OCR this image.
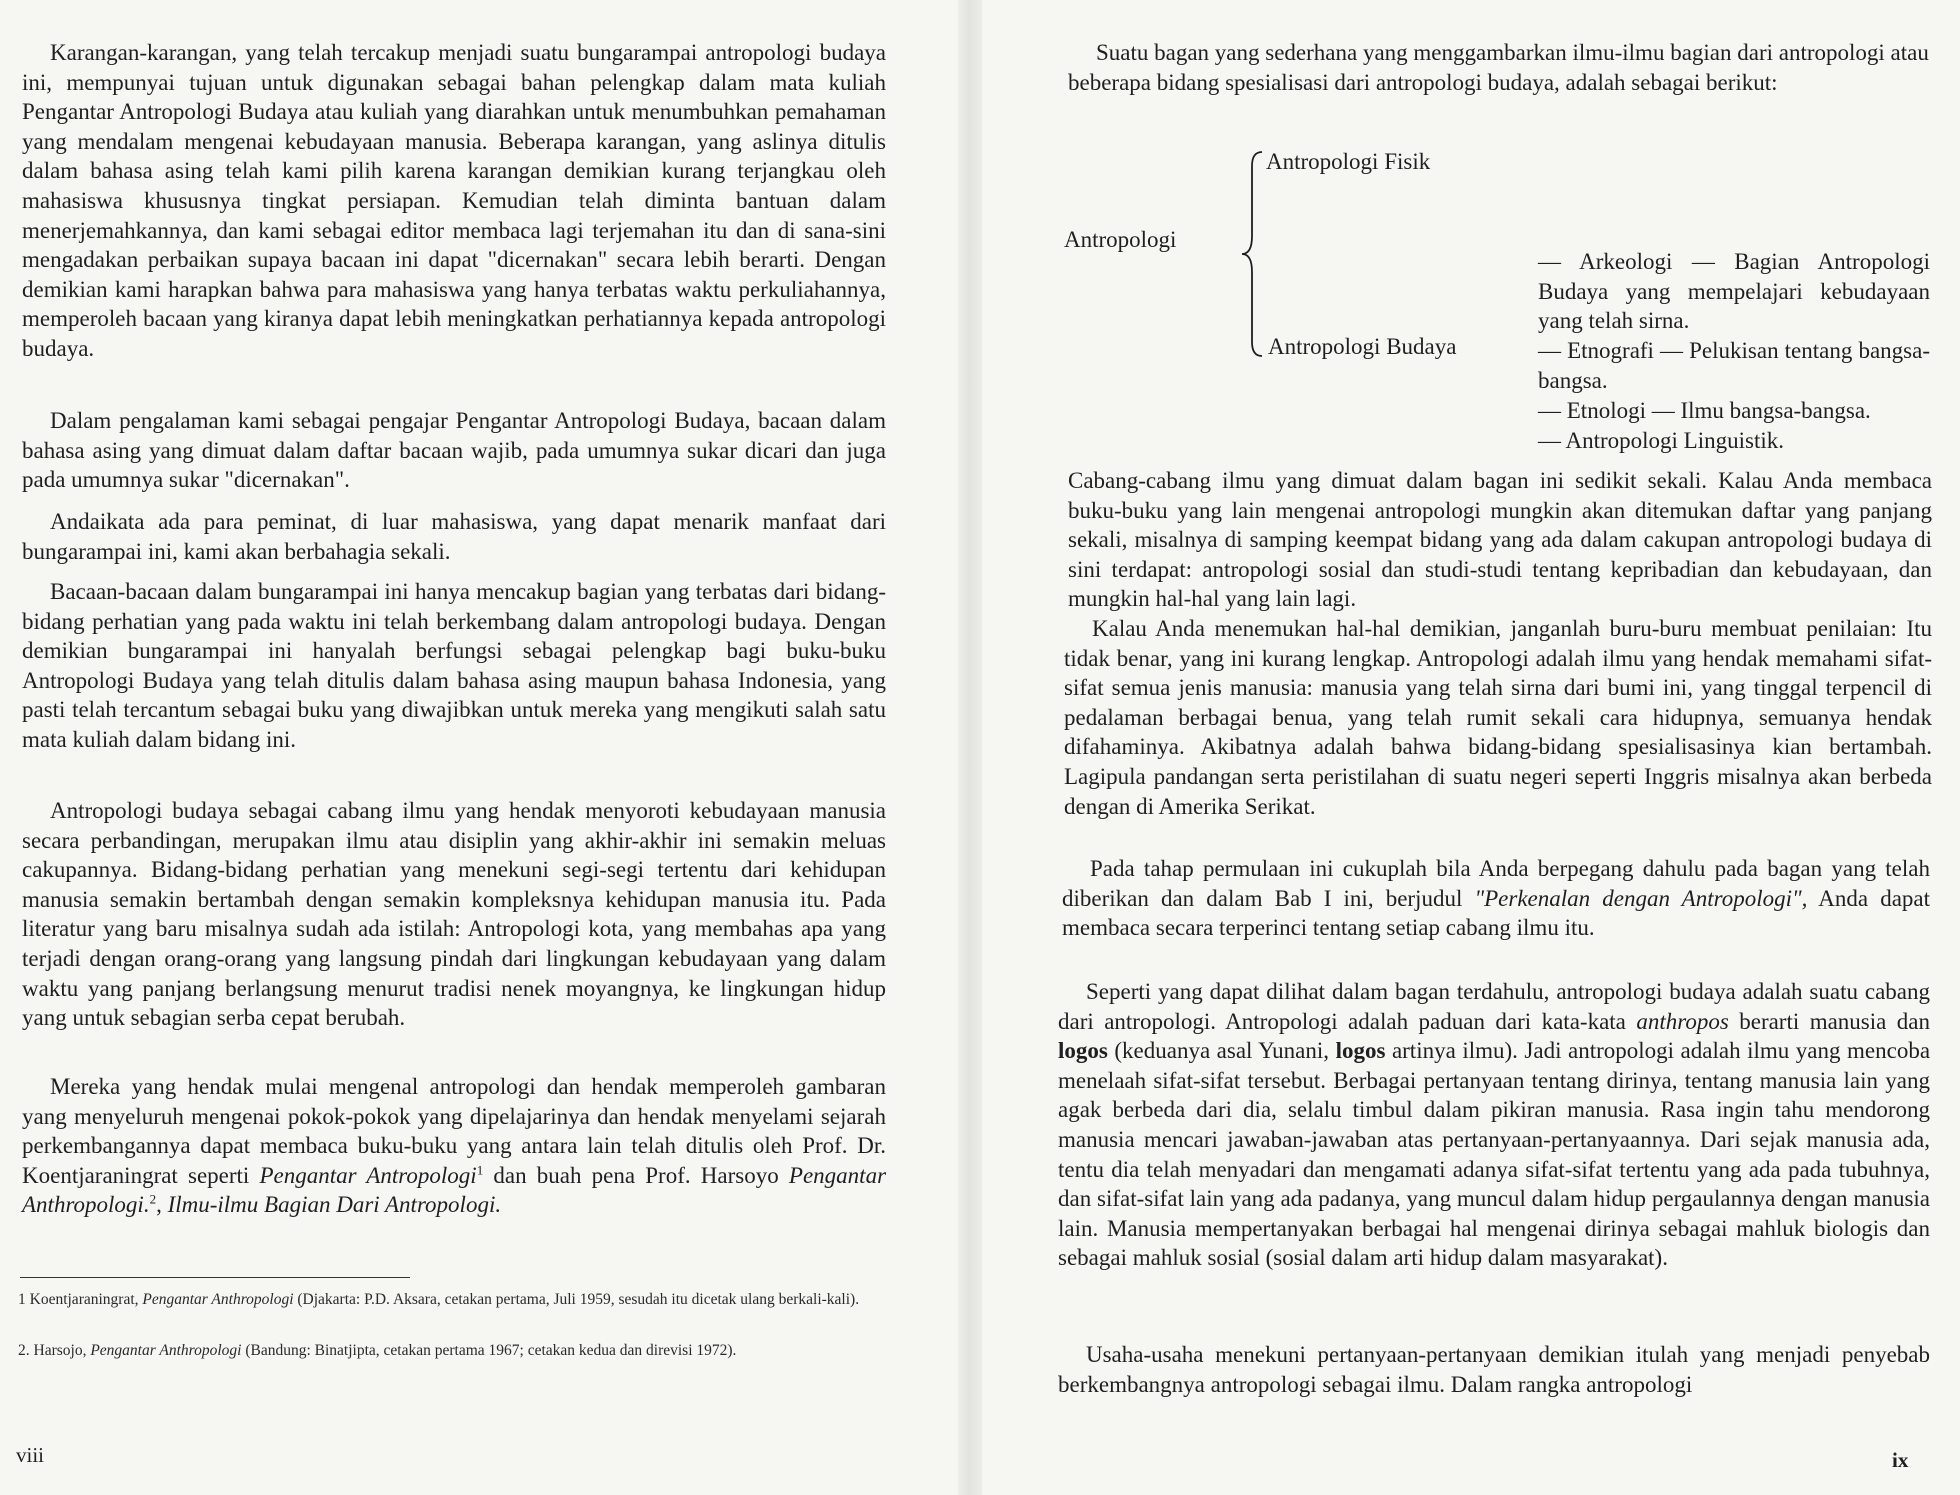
Karangan-karangan, yang telah tercakup menjadi suatu bungarampai antropologi budaya ini, mempunyai tujuan untuk digunakan sebagai bahan pelengkap dalam mata kuliah Pengantar Antropologi Budaya atau kuliah yang diarahkan untuk menumbuhkan pemahaman yang mendalam mengenai kebudayaan manusia. Beberapa karangan, yang aslinya ditulis dalam bahasa asing telah kami pilih karena karangan demikian kurang terjangkau oleh mahasiswa khususnya tingkat persiapan. Kemudian telah diminta bantuan dalam menerjemahkannya, dan kami sebagai editor membaca lagi terjemahan itu dan di sana-sini mengadakan perbaikan supaya bacaan ini dapat "dicernakan" secara lebih berarti. Dengan demikian kami harapkan bahwa para mahasiswa yang hanya terbatas waktu perkuliahannya, memperoleh bacaan yang kiranya dapat lebih meningkatkan perhatiannya kepada antropologi budaya.

Dalam pengalaman kami sebagai pengajar Pengantar Antropologi Budaya, bacaan dalam bahasa asing yang dimuat dalam daftar bacaan wajib, pada umumnya sukar dicari dan juga pada umumnya sukar "dicernakan".

Andaikata ada para peminat, di luar mahasiswa, yang dapat menarik manfaat dari bungarampai ini, kami akan berbahagia sekali.

Bacaan-bacaan dalam bungarampai ini hanya mencakup bagian yang terbatas dari bidang-bidang perhatian yang pada waktu ini telah berkembang dalam antropologi budaya. Dengan demikian bungarampai ini hanyalah berfungsi sebagai pelengkap bagi buku-buku Antropologi Budaya yang telah ditulis dalam bahasa asing maupun bahasa Indonesia, yang pasti telah tercantum sebagai buku yang diwajibkan untuk mereka yang mengikuti salah satu mata kuliah dalam bidang ini.

Antropologi budaya sebagai cabang ilmu yang hendak menyoroti kebudayaan manusia secara perbandingan, merupakan ilmu atau disiplin yang akhir-akhir ini semakin meluas cakupannya. Bidang-bidang perhatian yang menekuni segi-segi tertentu dari kehidupan manusia semakin bertambah dengan semakin kompleksnya kehidupan manusia itu. Pada literatur yang baru misalnya sudah ada istilah: Antropologi kota, yang membahas apa yang terjadi dengan orang-orang yang langsung pindah dari lingkungan kebudayaan yang dalam waktu yang panjang berlangsung menurut tradisi nenek moyangnya, ke lingkungan hidup yang untuk sebagian serba cepat berubah.

Mereka yang hendak mulai mengenal antropologi dan hendak memperoleh gambaran yang menyeluruh mengenai pokok-pokok yang dipelajarinya dan hendak menyelami sejarah perkembangannya dapat membaca buku-buku yang antara lain telah ditulis oleh Prof. Dr. Koentjaraningrat seperti Pengantar Antropologi$^1$ dan buah pena Prof. Harsoyo Pengantar Anthropologi.$^2$, Ilmu-ilmu Bagian Dari Antropologi.

1 Koentjaraningrat, Pengantar Anthropologi (Djakarta: P.D. Aksara, cetakan pertama, Juli 1959, sesudah itu dicetak ulang berkali-kali).

2. Harsojo, Pengantar Anthropologi (Bandung: Binatjipta, cetakan pertama 1967; cetakan kedua dan direvisi 1972).

viii

Suatu bagan yang sederhana yang menggambarkan ilmu-ilmu bagian dari antropologi atau beberapa bidang spesialisasi dari antropologi budaya, adalah sebagai berikut:

Antropologi
Antropologi Fisik
Antropologi Budaya
— Arkeologi — Bagian Antropologi Budaya yang mempelajari kebudayaan yang telah sirna.
— Etnografi — Pelukisan tentang bangsa-bangsa.
— Etnologi — Ilmu bangsa-bangsa.
— Antropologi Linguistik.

Cabang-cabang ilmu yang dimuat dalam bagan ini sedikit sekali. Kalau Anda membaca buku-buku yang lain mengenai antropologi mungkin akan ditemukan daftar yang panjang sekali, misalnya di samping keempat bidang yang ada dalam cakupan antropologi budaya di sini terdapat: antropologi sosial dan studi-studi tentang kepribadian dan kebudayaan, dan mungkin hal-hal yang lain lagi.

Kalau Anda menemukan hal-hal demikian, janganlah buru-buru membuat penilaian: Itu tidak benar, yang ini kurang lengkap. Antropologi adalah ilmu yang hendak memahami sifat-sifat semua jenis manusia: manusia yang telah sirna dari bumi ini, yang tinggal terpencil di pedalaman berbagai benua, yang telah rumit sekali cara hidupnya, semuanya hendak difahaminya. Akibatnya adalah bahwa bidang-bidang spesialisasinya kian bertambah. Lagipula pandangan serta peristilahan di suatu negeri seperti Inggris misalnya akan berbeda dengan di Amerika Serikat.

Pada tahap permulaan ini cukuplah bila Anda berpegang dahulu pada bagan yang telah diberikan dan dalam Bab I ini, berjudul "Perkenalan dengan Antropologi", Anda dapat membaca secara terperinci tentang setiap cabang ilmu itu.

Seperti yang dapat dilihat dalam bagan terdahulu, antropologi budaya adalah suatu cabang dari antropologi. Antropologi adalah paduan dari kata-kata anthropos berarti manusia dan logos (keduanya asal Yunani, logos artinya ilmu). Jadi antropologi adalah ilmu yang mencoba menelaah sifat-sifat tersebut. Berbagai pertanyaan tentang dirinya, tentang manusia lain yang agak berbeda dari dia, selalu timbul dalam pikiran manusia. Rasa ingin tahu mendorong manusia mencari jawaban-jawaban atas pertanyaan-pertanyaannya. Dari sejak manusia ada, tentu dia telah menyadari dan mengamati adanya sifat-sifat tertentu yang ada pada tubuhnya, dan sifat-sifat lain yang ada padanya, yang muncul dalam hidup pergaulannya dengan manusia lain. Manusia mempertanyakan berbagai hal mengenai dirinya sebagai mahluk biologis dan sebagai mahluk sosial (sosial dalam arti hidup dalam masyarakat).

Usaha-usaha menekuni pertanyaan-pertanyaan demikian itulah yang menjadi penyebab berkembangnya antropologi sebagai ilmu. Dalam rangka antropologi

ix
